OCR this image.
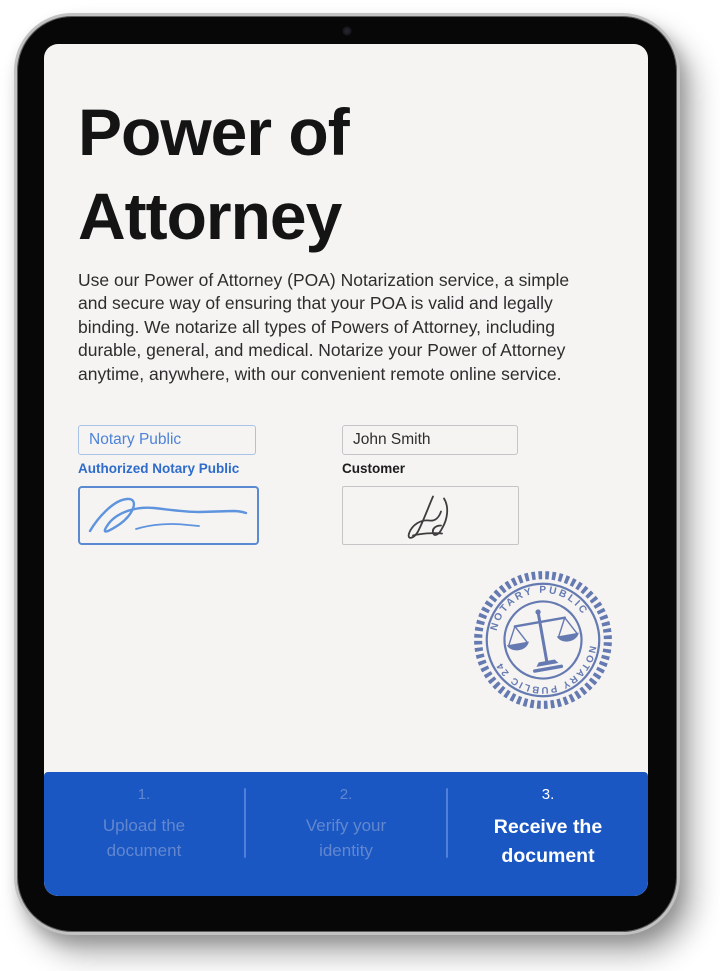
Power of
Attorney
Use our Power of Attorney (POA) Notarization service, a simple
and secure way of ensuring that your POA is valid and legally
binding. We notarize all types of Powers of Attorney, including
durable, general, and medical. Notarize your Power of Attorney
anytime, anywhere, with our convenient remote online service.
Notary Public
John Smith
Authorized Notary Public	Customer
NOTARY PUBLIC
NOTARY PUBLIC 24
1.
Upload the
document
2.
Verify your
identity
3.
Receive the
document
